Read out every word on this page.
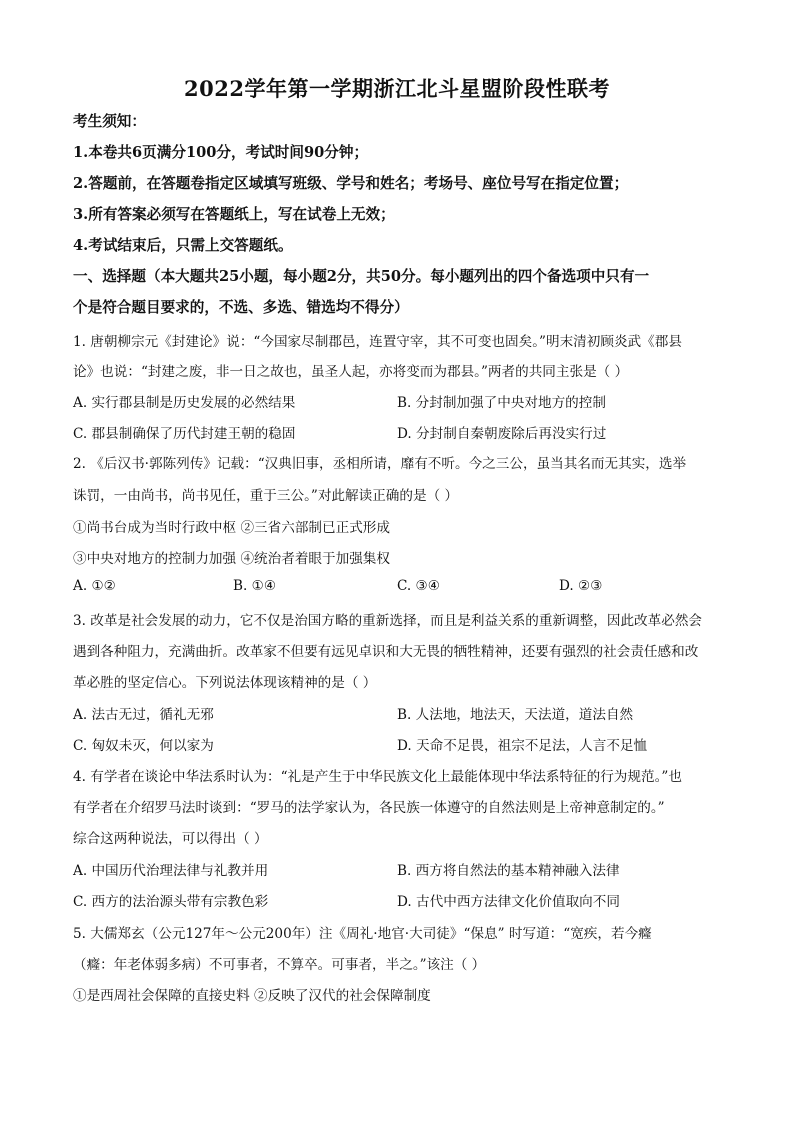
2022学年第一学期浙江北斗星盟阶段性联考
考生须知：
1.本卷共6页满分100分，考试时间90分钟；
2.答题前，在答题卷指定区域填写班级、学号和姓名；考场号、座位号写在指定位置；
3.所有答案必须写在答题纸上，写在试卷上无效；
4.考试结束后，只需上交答题纸。
一、选择题（本大题共25小题，每小题2分，共50分。每小题列出的四个备选项中只有一
个是符合题目要求的，不选、多选、错选均不得分）
1. 唐朝柳宗元《封建论》说：“今国家尽制郡邑，连置守宰，其不可变也固矣。”明末清初顾炎武《郡县
论》也说：“封建之废，非一日之故也，虽圣人起，亦将变而为郡县。”两者的共同主张是（ ）
A. 实行郡县制是历史发展的必然结果	B. 分封制加强了中央对地方的控制
C. 郡县制确保了历代封建王朝的稳固	D. 分封制自秦朝废除后再没实行过
2. 《后汉书·郭陈列传》记载：“汉典旧事，丞相所请，靡有不听。今之三公，虽当其名而无其实，选举
诛罚，一由尚书，尚书见任，重于三公。”对此解读正确的是（ ）
①尚书台成为当时行政中枢 ②三省六部制已正式形成
③中央对地方的控制力加强 ④统治者着眼于加强集权
A. ①②	B. ①④	C. ③④	D. ②③
3. 改革是社会发展的动力，它不仅是治国方略的重新选择，而且是利益关系的重新调整，因此改革必然会
遇到各种阻力，充满曲折。改革家不但要有远见卓识和大无畏的牺牲精神，还要有强烈的社会责任感和改
革必胜的坚定信心。下列说法体现该精神的是（ ）
A. 法古无过，循礼无邪	B. 人法地，地法天，天法道，道法自然
C. 匈奴未灭，何以家为	D. 天命不足畏，祖宗不足法，人言不足恤
4. 有学者在谈论中华法系时认为：“礼是产生于中华民族文化上最能体现中华法系特征的行为规范。”也
有学者在介绍罗马法时谈到：“罗马的法学家认为，各民族一体遵守的自然法则是上帝神意制定的。”
综合这两种说法，可以得出（ ）
A. 中国历代治理法律与礼教并用	B. 西方将自然法的基本精神融入法律
C. 西方的法治源头带有宗教色彩	D. 古代中西方法律文化价值取向不同
5. 大儒郑玄（公元127年～公元200年）注《周礼·地官·大司徒》“保息” 时写道：“宽疾，若今癃
（癃：年老体弱多病）不可事者，不算卒。可事者，半之。”该注（ ）
①是西周社会保障的直接史料 ②反映了汉代的社会保障制度
